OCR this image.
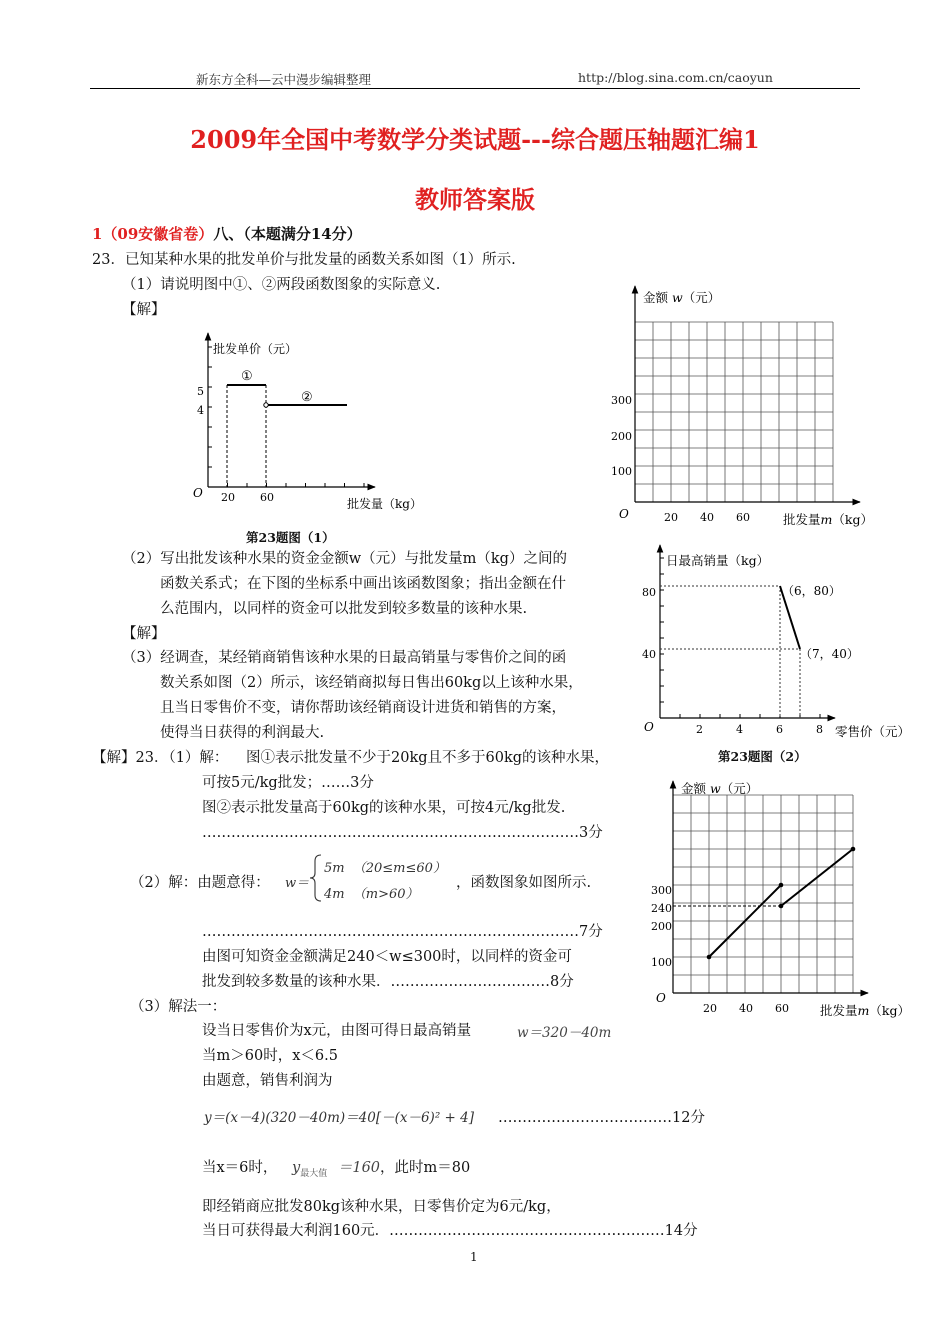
新东方全科—云中漫步编辑整理	http://blog.sina.com.cn/caoyun
2009年全国中考数学分类试题---综合题压轴题汇编1
教师答案版
1（09安徽省卷）八、（本题满分14分）
23．已知某种水果的批发单价与批发量的函数关系如图（1）所示.
（1）请说明图中①、②两段函数图象的实际意义.
【解】
批发单价（元）
5
4
O 20 60	批发量（kg）
①
②
第23题图（1）
金额 w（元）
300
200
100
O	20 40 60	批发量m（kg）
（2）写出批发该种水果的资金金额w（元）与批发量m（kg）之间的
函数关系式；在下图的坐标系中画出该函数图象；指出金额在什
么范围内，以同样的资金可以批发到较多数量的该种水果.
【解】
（3）经调查，某经销商销售该种水果的日最高销量与零售价之间的函
数关系如图（2）所示，该经销商拟每日售出60kg以上该种水果，
且当日零售价不变，请你帮助该经销商设计进货和销售的方案，
使得当日获得的利润最大.
日最高销量（kg）
80
40
O	2	4	6	8 零售价（元）
（6，80）
（7，40）
第23题图（2）
【解】23．（1）解： 图①表示批发量不少于20kg且不多于60kg的该种水果，
可按5元/kg批发；……3分
图②表示批发量高于60kg的该种水果，可按4元/kg批发.
……………………………………………………………………3分
（2）解：由题意得： w＝
5m （20≤m≤60）
4m （m>60）
，函数图象如图所示.
……………………………………………………………………7分
由图可知资金金额满足240＜w≤300时，以同样的资金可
批发到较多数量的该种水果．……………………………8分
金额 w（元）
300
240
200
100
O
20 40 60 批发量m（kg）
（3）解法一：
设当日零售价为x元，由图可得日最高销量	w＝320－40m
当m＞60时，x＜6.5
由题意，销售利润为
y＝(x－4)(320－40m)＝40[－(x－6)² + 4] ………………………………12分
当x＝6时， $y_{最大值} =160$，此时m＝80
即经销商应批发80kg该种水果，日零售价定为6元/kg，
当日可获得最大利润160元．…………………………………………………14分
1
